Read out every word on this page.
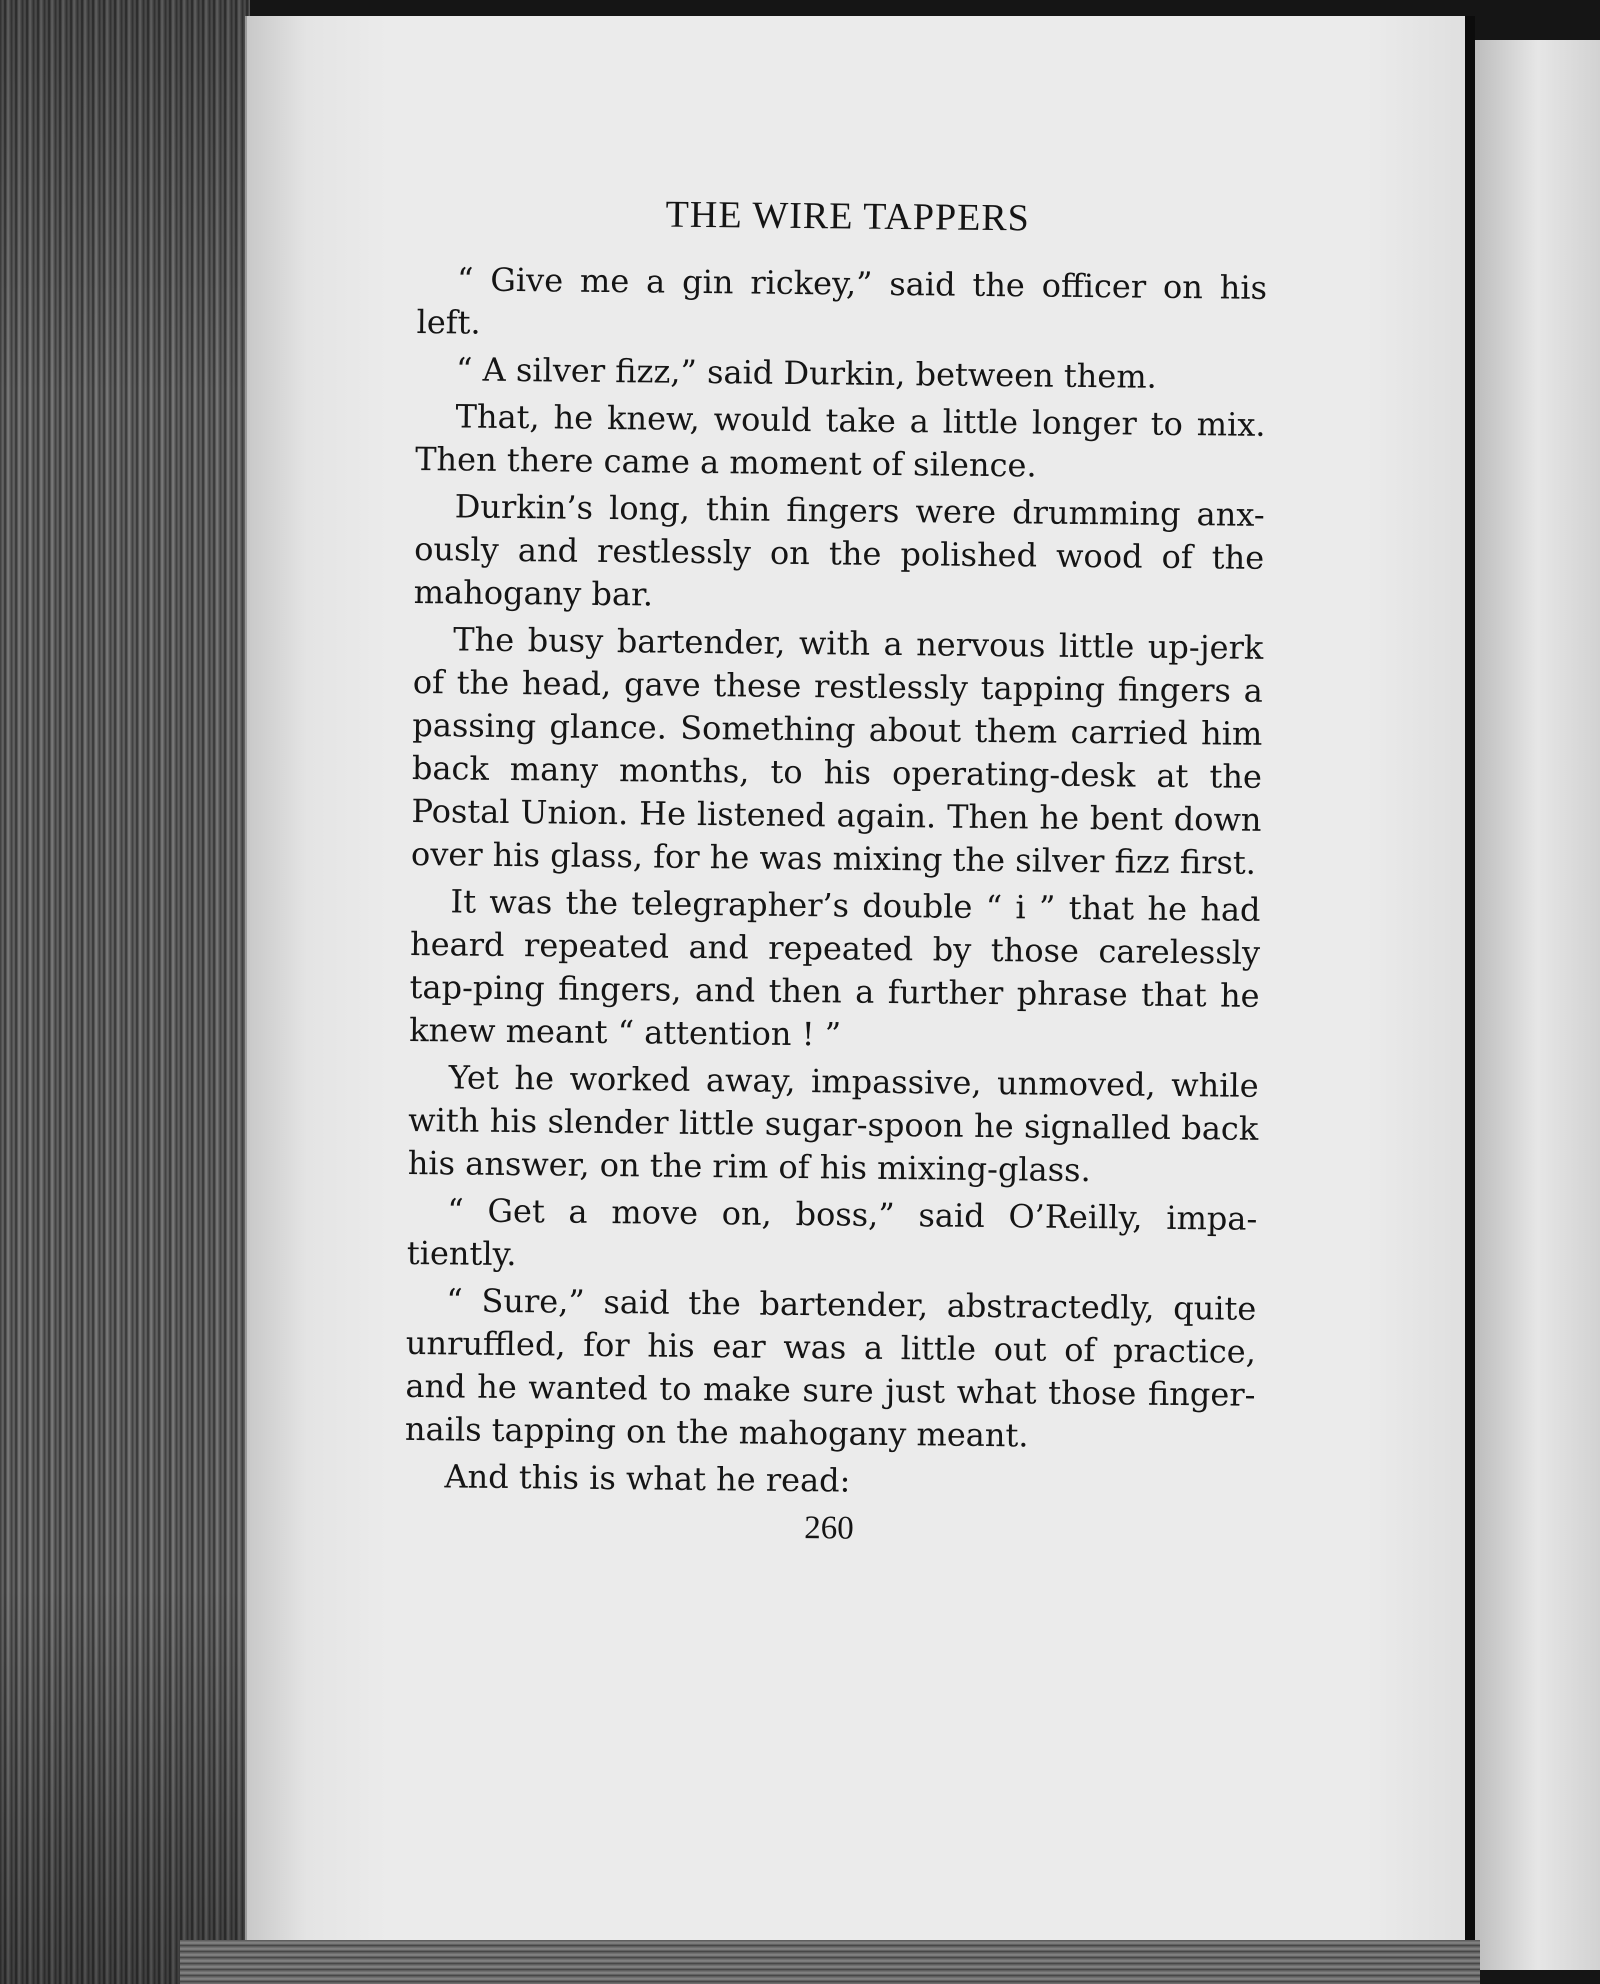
THE WIRE TAPPERS

“ Give me a gin rickey,” said the officer on his left.

“ A silver fizz,” said Durkin, between them.

That, he knew, would take a little longer to mix. Then there came a moment of silence.

Durkin’s long, thin fingers were drumming anx-ously and restlessly on the polished wood of the mahogany bar.

The busy bartender, with a nervous little up-jerk of the head, gave these restlessly tapping fingers a passing glance. Something about them carried him back many months, to his operating-desk at the Postal Union. He listened again. Then he bent down over his glass, for he was mixing the silver fizz first.

It was the telegrapher’s double “ i ” that he had heard repeated and repeated by those carelessly tap-ping fingers, and then a further phrase that he knew meant “ attention ! ”

Yet he worked away, impassive, unmoved, while with his slender little sugar-spoon he signalled back his answer, on the rim of his mixing-glass.

“ Get a move on, boss,” said O’Reilly, impa-tiently.

“ Sure,” said the bartender, abstractedly, quite unruffled, for his ear was a little out of practice, and he wanted to make sure just what those finger-nails tapping on the mahogany meant.

And this is what he read:

260
